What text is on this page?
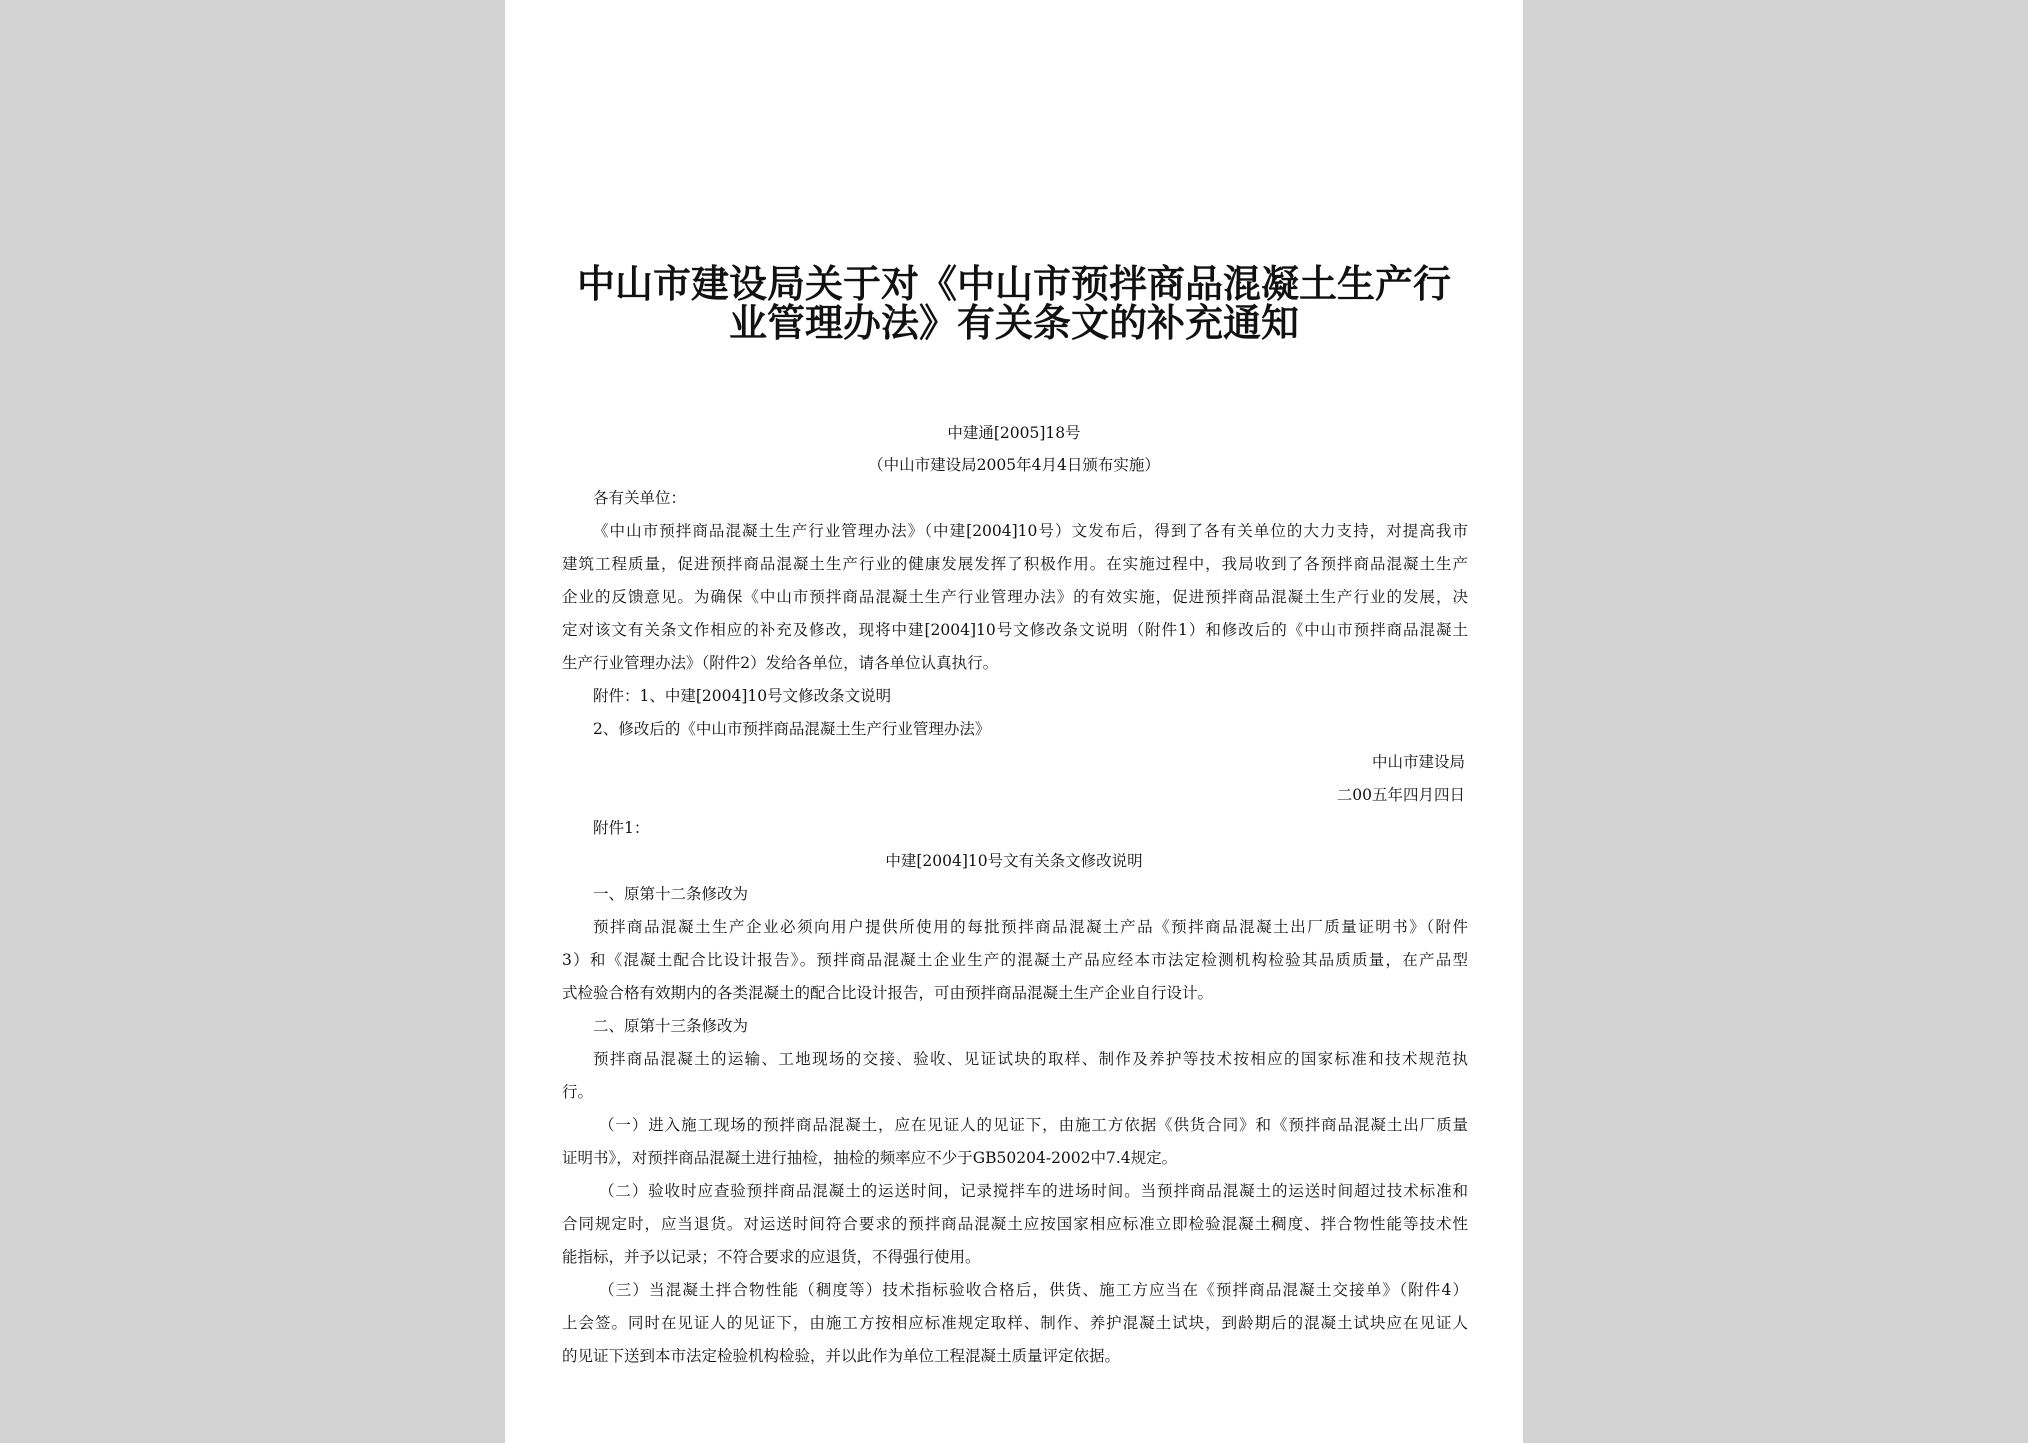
中山市建设局关于对《中山市预拌商品混凝土生产行
业管理办法》有关条文的补充通知
中建通[2005]18号
（中山市建设局2005年4月4日颁布实施）
各有关单位：
《中山市预拌商品混凝土生产行业管理办法》（中建[2004]10号）文发布后，得到了各有关单位的大力支持，对提高我市
建筑工程质量，促进预拌商品混凝土生产行业的健康发展发挥了积极作用。在实施过程中，我局收到了各预拌商品混凝土生产
企业的反馈意见。为确保《中山市预拌商品混凝土生产行业管理办法》的有效实施，促进预拌商品混凝土生产行业的发展，决
定对该文有关条文作相应的补充及修改，现将中建[2004]10号文修改条文说明（附件1）和修改后的《中山市预拌商品混凝土
生产行业管理办法》（附件2）发给各单位，请各单位认真执行。
附件：1、中建[2004]10号文修改条文说明
2、修改后的《中山市预拌商品混凝土生产行业管理办法》
中山市建设局
二00五年四月四日
附件1：
中建[2004]10号文有关条文修改说明
一、原第十二条修改为
预拌商品混凝土生产企业必须向用户提供所使用的每批预拌商品混凝土产品《预拌商品混凝土出厂质量证明书》（附件
3）和《混凝土配合比设计报告》。预拌商品混凝土企业生产的混凝土产品应经本市法定检测机构检验其品质质量，在产品型
式检验合格有效期内的各类混凝土的配合比设计报告，可由预拌商品混凝土生产企业自行设计。
二、原第十三条修改为
预拌商品混凝土的运输、工地现场的交接、验收、见证试块的取样、制作及养护等技术按相应的国家标准和技术规范执
行。
（一）进入施工现场的预拌商品混凝土，应在见证人的见证下，由施工方依据《供货合同》和《预拌商品混凝土出厂质量
证明书》，对预拌商品混凝土进行抽检，抽检的频率应不少于GB50204-2002中7.4规定。
（二）验收时应查验预拌商品混凝土的运送时间，记录搅拌车的进场时间。当预拌商品混凝土的运送时间超过技术标准和
合同规定时，应当退货。对运送时间符合要求的预拌商品混凝土应按国家相应标准立即检验混凝土稠度、拌合物性能等技术性
能指标，并予以记录；不符合要求的应退货，不得强行使用。
（三）当混凝土拌合物性能（稠度等）技术指标验收合格后，供货、施工方应当在《预拌商品混凝土交接单》（附件4）
上会签。同时在见证人的见证下，由施工方按相应标准规定取样、制作、养护混凝土试块，到龄期后的混凝土试块应在见证人
的见证下送到本市法定检验机构检验，并以此作为单位工程混凝土质量评定依据。
